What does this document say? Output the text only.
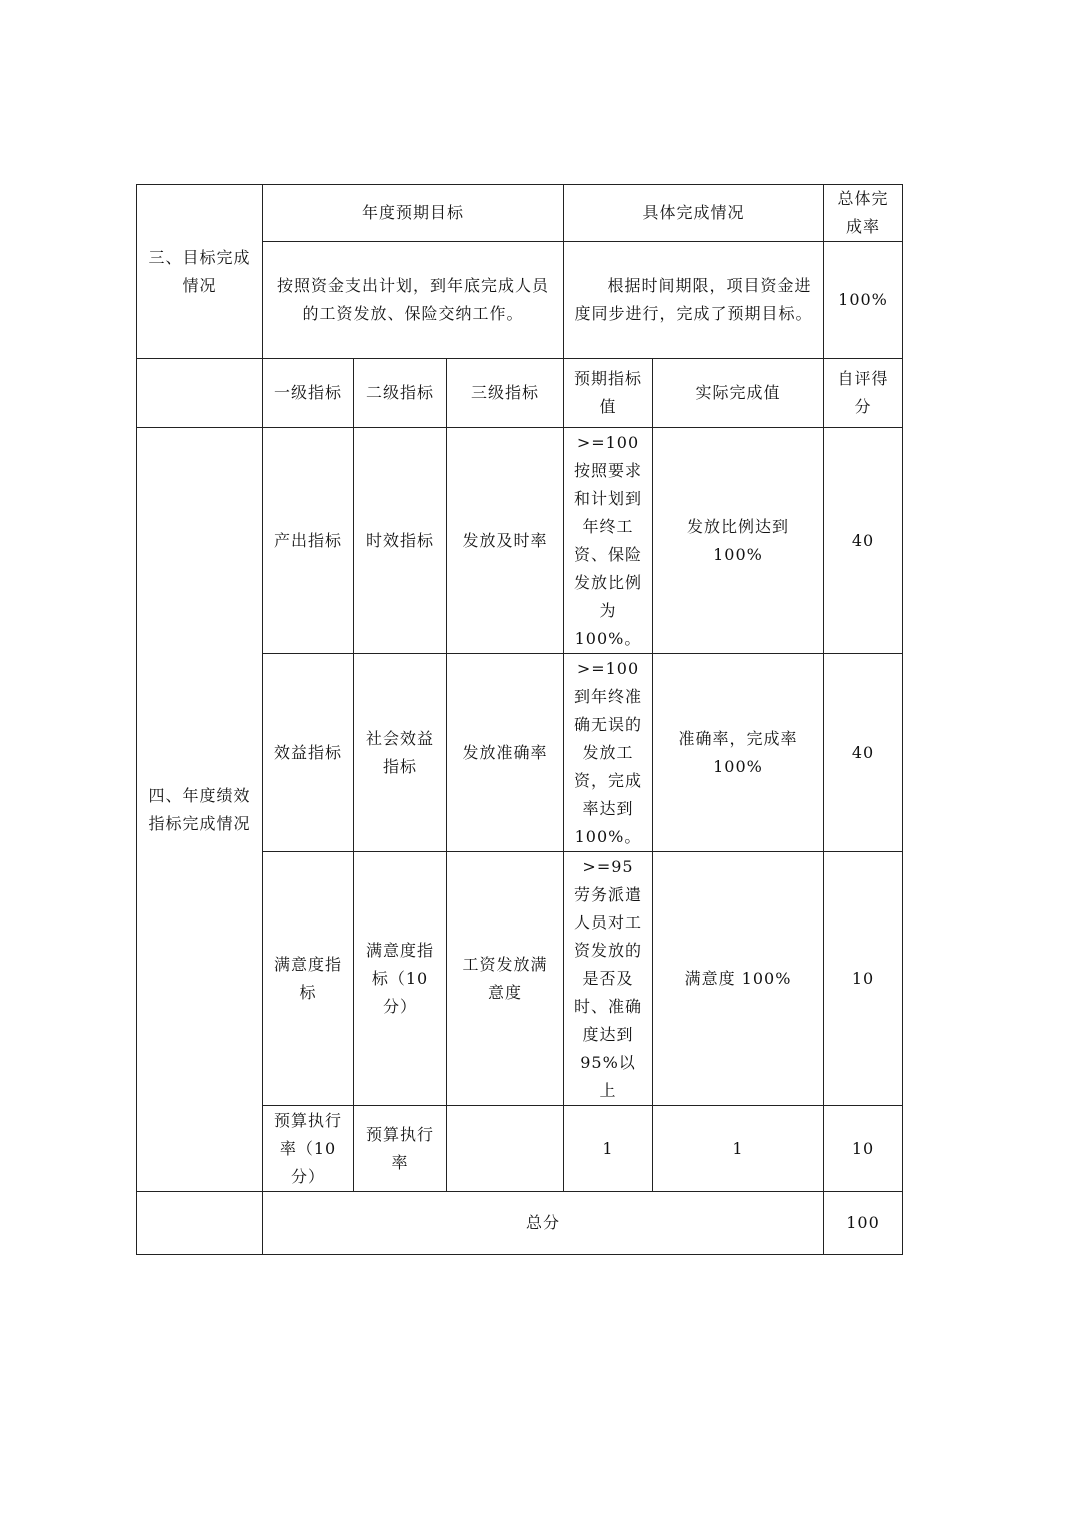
三、目标完成情况	年度预期目标			具体完成情况		总体完成率
	按照资金支出计划，到年底完成人员的工资发放、保险交纳工作。			根据时间期限，项目资金进度同步进行，完成了预期目标。		100%
	一级指标	二级指标	三级指标	预期指标值	实际完成值	自评得分
四、年度绩效指标完成情况	产出指标	时效指标	发放及时率	>=100 按照要求和计划到年终工资、保险发放比例为100%。	发放比例达到 100%	40
	效益指标	社会效益指标	发放准确率	>=100 到年终准确无误的发放工资，完成率达到 100%。	准确率，完成率100%	40
	满意度指标	满意度指标（10分）	工资发放满意度	>=95 劳务派遣人员对工资发放的是否及时、准确度达到 95%以上	满意度 100%	10
	预算执行率（10分）	预算执行率		1	1	10
	总分					100
